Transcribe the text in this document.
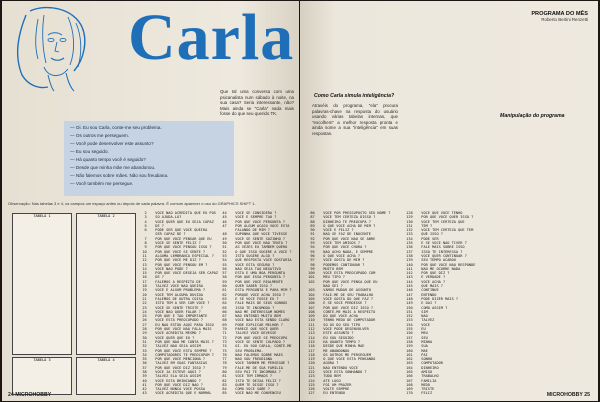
Carla
Que tal uma conversa com uma psicanalista num sábado à noite, na sua casa? Seria interessante, não? Mais ainda se "Carla" nada mais fosse do que seu querido TK.
— Oi. Eu sou Carla, conte-me seu problema.
— Os outros me perseguem.
— Você pode desenvolver este assunto?
— Eu sou seguido.
— Há quanto tempo você é seguido?
— Desde que minha mãe me abandonou.
— Não falemos sobre mães. Não sou freudiana.
— Você também me persegue.
Observação: Nas tabelas 3 e 4, os campos um espaço antes ou depois de cada palavra. É comum aparecer o uso do GRAPHICS SHIFT 1.
TABELA 1	TABELA 2
TABELA 3	TABELA 4
2    VOCE NAO ACREDITA QUE EU POS
3    SO AJUDA-LO?
4    VOCE QUER QUE EU SEJA CAPAZ
5    DE ?
6    PODE SER QUE VOCE QUEIRA
SER CAPAZ DE ?
7    POR QUE VOCE PENSAR QUE EU
8    VOCE SE SENTE FELIZ ?
9    POR QUE VOCE PENSOU ISSO ?
10    POR QUE VOCE SE SENTE ?
11    ALGUMA LEMBRANCA ESPECIAL ?
12    POR QUE VOCE ME DIZ ?
13    POR QUE VOCE PENSOU EM ?
14    VOCE NAO PODE ?
15    POR QUE VOCE DESEJA SER CAPAZ
16    DE ?
17    FALEMOS A RESPEITO DE
18    TALVEZ VOCE NAO QUEIRA
19    VOCE E ALGUM PROBLEMA ?
20    VOCE TEM ALGUMA DUVIDA
21    FALEMOS DE OUTRA COISA
22    ISTO TEM A VER COM VOCE ?
23    VOCE SE SENTE TRISTE ?
24    VOCE NAO QUER FALAR ?
25    POR QUE E TAO IMPORTANTE
26    VOCE ESTA PREOCUPADO ?
27    EU NAO ESTOU AQUI PARA ISSO
28    POR QUE VOCE NAO FALA MAIS
29    VOCE ACREDITA MESMO ?
30    VOCE QUER QUE EU ?
31    POR QUE NAO ME CONTA MAIS ?
32    TALVEZ NAO SEJA ASSIM
33    POR QUE VOCE ESTA SEMPRE ?
34    COMPUTADORES TE PREOCUPAM ?
35    POR QUE VOCE MENCIONA ?
36    TALVEZ EM SUAS FANTASIAS
37    POR QUE VOCE DIZ ISSO ?
38    VOCE JA ESTEVE AQUI ?
39    TALVEZ ELA SEJA ASSIM
40    VOCE ESTA BRINCANDO ?
41    POR QUE VOCE DIZ NAO ?
42    TALVEZ NUNCA VOCE POSSA
43    VOCE ACREDITA QUE E NORMAL
44    VOCE SE CONSIDERA ?
45    VOCE E SEMPRE TAO ?
46    POR QUE VOCE PERGUNTA ?
47    POR ALGUM ACASO VOCE ESTA
FALANDO DE MIM ?
48    SUPONHA QUE VOCE TIVESSE
49    VOCE SE SENTE SOZINHO ?
50    POR QUE VOCE NAO TENTA ?
51    AS VEZES EU TAMBEM QUERO
52    O QUE ISSO SUGERE A VOCE ?
53    ISTO SUGERE ALGO ?
54    QUE RESPOSTA VOCE GOSTARIA
55    VOCE ESTA SEGURO ?
56    NAO SEJA TAO NEGATIVO
57    ESTA E UMA BOA PERGUNTA
58    POR QUE ESSA PERGUNTA ?
59    POR QUE VOCE REALMENTE
60    QUER SABER ISSO ?
61    ESTA PERGUNTA E PARA MIM ?
62    PORQUE VOCE ACHA ISSO ?
63    E SE VOCE FOSSE EU ?
64    FALE MAIS DE SEUS SONHOS
65    ISSO TE INCOMODA ?
66    NAO ME INTERESSAM NOMES
67    NAO ENTENDI MUITO BEM
68    VOCE NAO ESTA SENDO CLARO
69    PODE EXPLICAR MELHOR ?
70    PARECE QUE VOCE QUER
71    TALVEZ VOCE DEVESSE
72    POR QUE VOCE SE PREOCUPA
73    VOCE SE SENTE CULPADO ?
74    OI. EU SOU CARLA, CONTE-ME
75    SEU PROBLEMA.
76    NAO FALEMOS SOBRE MAES
77    NAO SOU FREUDIANA
78    VOCE TAMBEM ME PERSEGUE ?
79    FALE-ME DE SUA FAMILIA
80    SEU PAI TE INCOMODA ?
81    VOCE TEM IRMAOS ?
82    ISTO TE DEIXA FELIZ ?
83    QUEM TE DISSE ISSO ?
84    COMO VOCE SABE ?
85    VOCE NAO ME CONVENCEU
24 MICROHOBBY
PROGRAMA DO MÊS
Roberto Bertini Renzetti
Como Carla simula inteligência?
Atravéis do programa, "ela" procura palavras-chave na resposta do usuário usando várias tabelas internas, que "escolhem" a melhor resposta pronta e ainda some a sua "inteligência" em suas respostas.
Manipulação do programa
86    VOCE POR PRESSUPOSTO SEU NOME ?
87    VOCE TEM CERTEZA DISSO ?
88    DINHEIRO TE PREOCUPA ?
89    O QUE VOCE ACHA DE MIM ?
90    VOCE E FELIZ ?
91    NAO SE FAZ DE INOCENTE
92    POR QUE VOCE NAO SE ABRE
93    VOCE TEM AMIGOS ?
94    POR QUE VOCE CHORA ?
95    NAO ACHO NADA, E SEMPRE
96    O QUE VOCE ACHA ?
97    VOCE GOSTA DE MIM ?
98    PODEMOS CONTINUAR ?
99    MUITO BEM
100    VOCE ESTA PREOCUPADO COM
101    MEU TIPO ?
102    POR QUE VOCE PENSA QUE EU
NAO SEI ?
103    VAMOS MUDAR DE ASSUNTO
104    FALE-ME DE SEU TRABALHO
105    VOCE GOSTA DO QUE FAZ ?
106    E SE VOCE PERDESSE ?
107    POR QUE VOCE DIZ ISSO ?
108    CONTE-ME MAIS A RESPEITO
109    DO QUE VOCE ACHA
110    TENHO MEDO DE COMPUTADOR
111    SO OS DO SEU TIPO
112    VOCE PODE DESENVOLVER
113    ESTE ASSUNTO ?
114    EU SOU SEGUIDO
115    HA QUANTO TEMPO ?
116    DESDE QUE MINHA MAE
117    ME ABANDONOU
118    OS OUTROS ME PERSEGUEM
119    O QUE VOCE ESTA PENSANDO
120    AGORA ?
121    NAO ENTENDO VOCE
122    VOCE ESTA SONHANDO ?
123    TUDO BEM
124    ATE LOGO
125    FOI UM PRAZER
126    VOLTE SEMPRE
127    EU ENTENDO
128    VOCE QUE VOCE TENHO
129    POR QUE VOCE QUER ISSO ?
130    VOCE TEM CERTEZA QUE
131    TEM ?
132    VOCE TEM CERTEZA QUE TEM
133    QUE ISSO ?
134    PODE SER
135    E SE VOCE NAO TIVER ?
136    FALE MAIS SOBRE ISSO
137    ISSO TE INTERESSA ?
138    VOCE QUER CONTINUAR ?
139    SEU TEMPO ACABOU
140    POR QUE VOCE NAO RESPONDE
141    NAO ME OCORRE NADA
142    POR QUE DIZ ?
143    E VERDADE ?
144    VOCE ACHA ?
145    QUE MAIS ?
146    CONTINUE
147    ENTENDO
148    PODE DIZER MAIS ?
149    E DAI ?
150    COMO ASSIM ?
151    SIM
152    NAO
153    TALVEZ
154    VOCE
155    EU
156    MEU
157    SEU
158    MINHA
159    SUA
160    MAE
161    PAI
162    SONHO
163    COMPUTADOR
164    DINHEIRO
165    AMIGO
166    TRABALHO
167    FAMILIA
168    MEDO
169    TRISTE
170    FELIZ	MICROHOBBY 25
